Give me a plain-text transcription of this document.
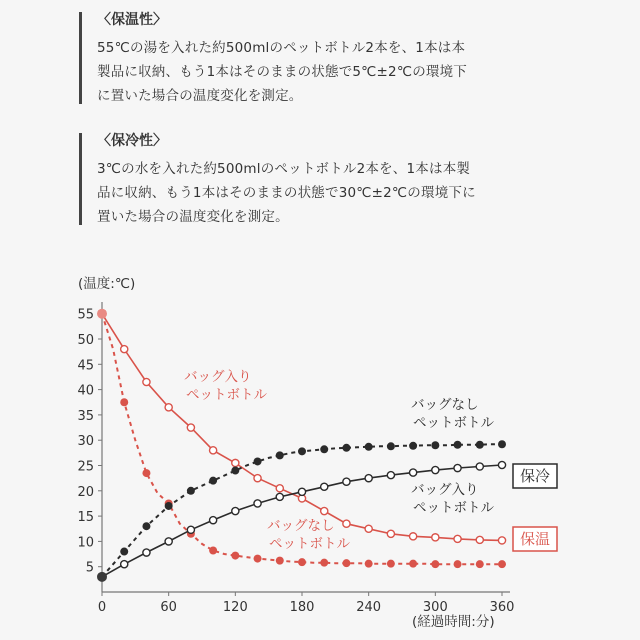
〈保温性〉
55℃の湯を入れた約500mlのペットボトル2本を、1本は本
製品に収納、もう1本はそのままの状態で5℃±2℃の環境下
に置いた場合の温度変化を測定。
〈保冷性〉
3℃の水を入れた約500mlのペットボトル2本を、1本は本製
品に収納、もう1本はそのままの状態で30℃±2℃の環境下に
置いた場合の温度変化を測定。
5
10
15
20
25
30
35
40
45
50
55
0	60	120	180	240	300	360
(温度:℃)
(経過時間:分)
バッグ入り
ペットボトル
バッグなし
ペットボトル
バッグなし
ペットボトル
バッグ入り
ペットボトル
保温
保冷
